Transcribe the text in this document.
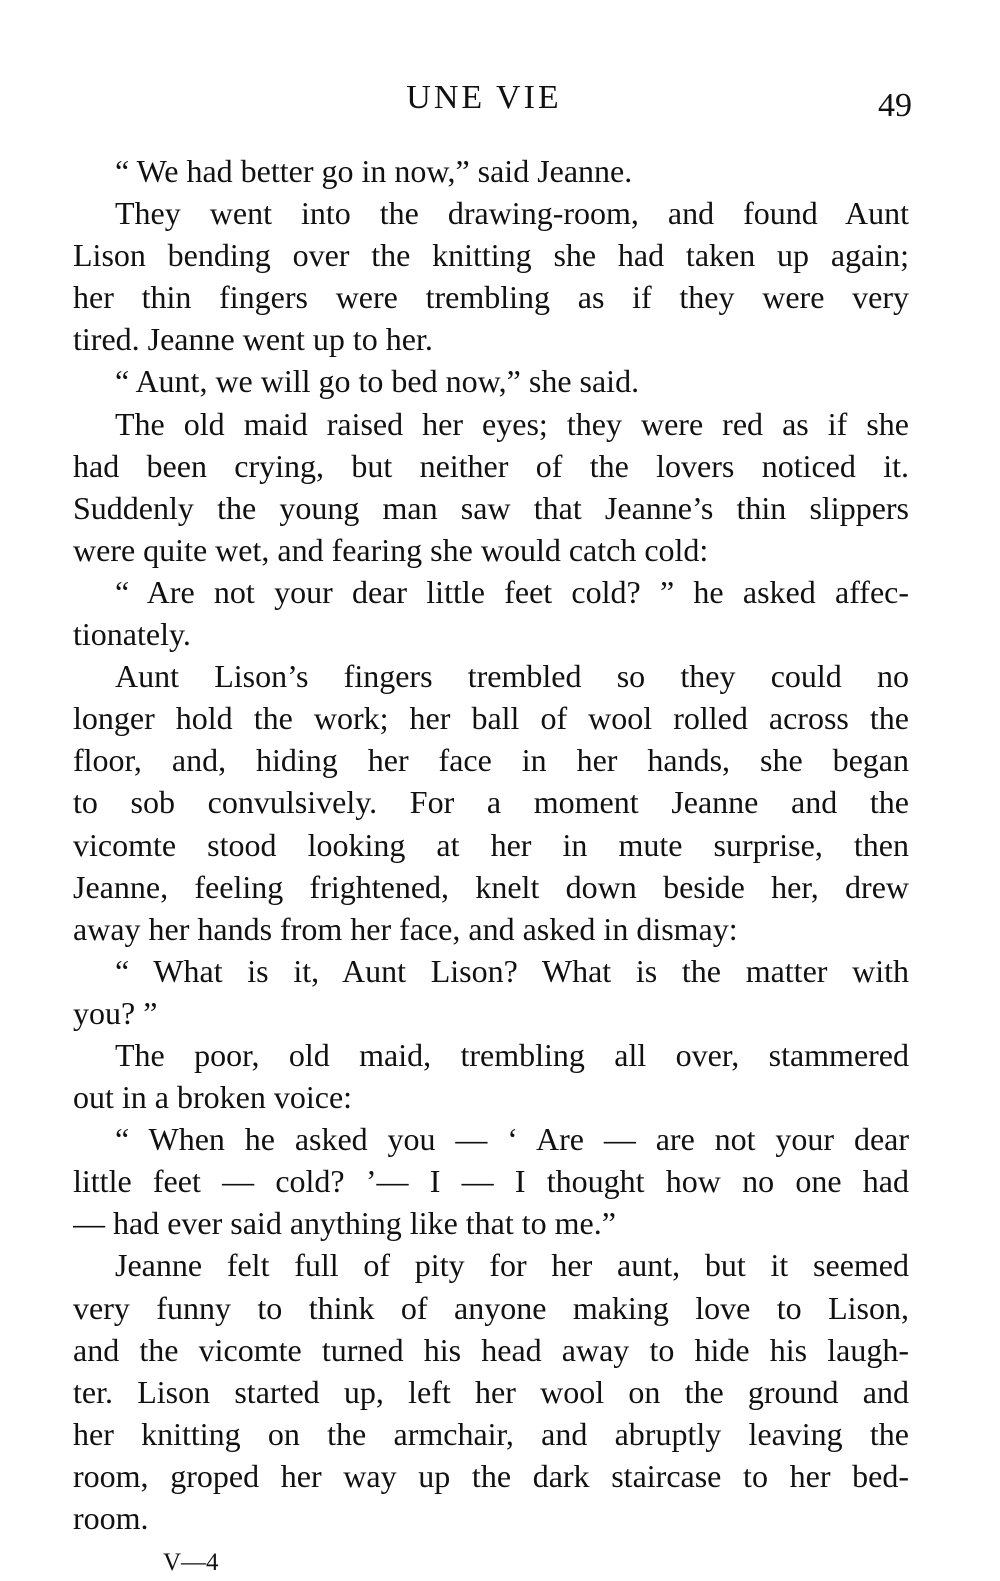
UNE VIE	49
“ We had better go in now,” said Jeanne.
They went into the drawing-room, and found Aunt
Lison bending over the knitting she had taken up again;
her thin fingers were trembling as if they were very
tired. Jeanne went up to her.
“ Aunt, we will go to bed now,” she said.
The old maid raised her eyes; they were red as if she
had been crying, but neither of the lovers noticed it.
Suddenly the young man saw that Jeanne’s thin slippers
were quite wet, and fearing she would catch cold:
“ Are not your dear little feet cold? ” he asked affec-
tionately.
Aunt Lison’s fingers trembled so they could no
longer hold the work; her ball of wool rolled across the
floor, and, hiding her face in her hands, she began
to sob convulsively. For a moment Jeanne and the
vicomte stood looking at her in mute surprise, then
Jeanne, feeling frightened, knelt down beside her, drew
away her hands from her face, and asked in dismay:
“ What is it, Aunt Lison? What is the matter with
you? ”
The poor, old maid, trembling all over, stammered
out in a broken voice:
“ When he asked you — ‘ Are — are not your dear
little feet — cold? ’— I — I thought how no one had
— had ever said anything like that to me.”
Jeanne felt full of pity for her aunt, but it seemed
very funny to think of anyone making love to Lison,
and the vicomte turned his head away to hide his laugh-
ter. Lison started up, left her wool on the ground and
her knitting on the armchair, and abruptly leaving the
room, groped her way up the dark staircase to her bed-
room.
V—4
